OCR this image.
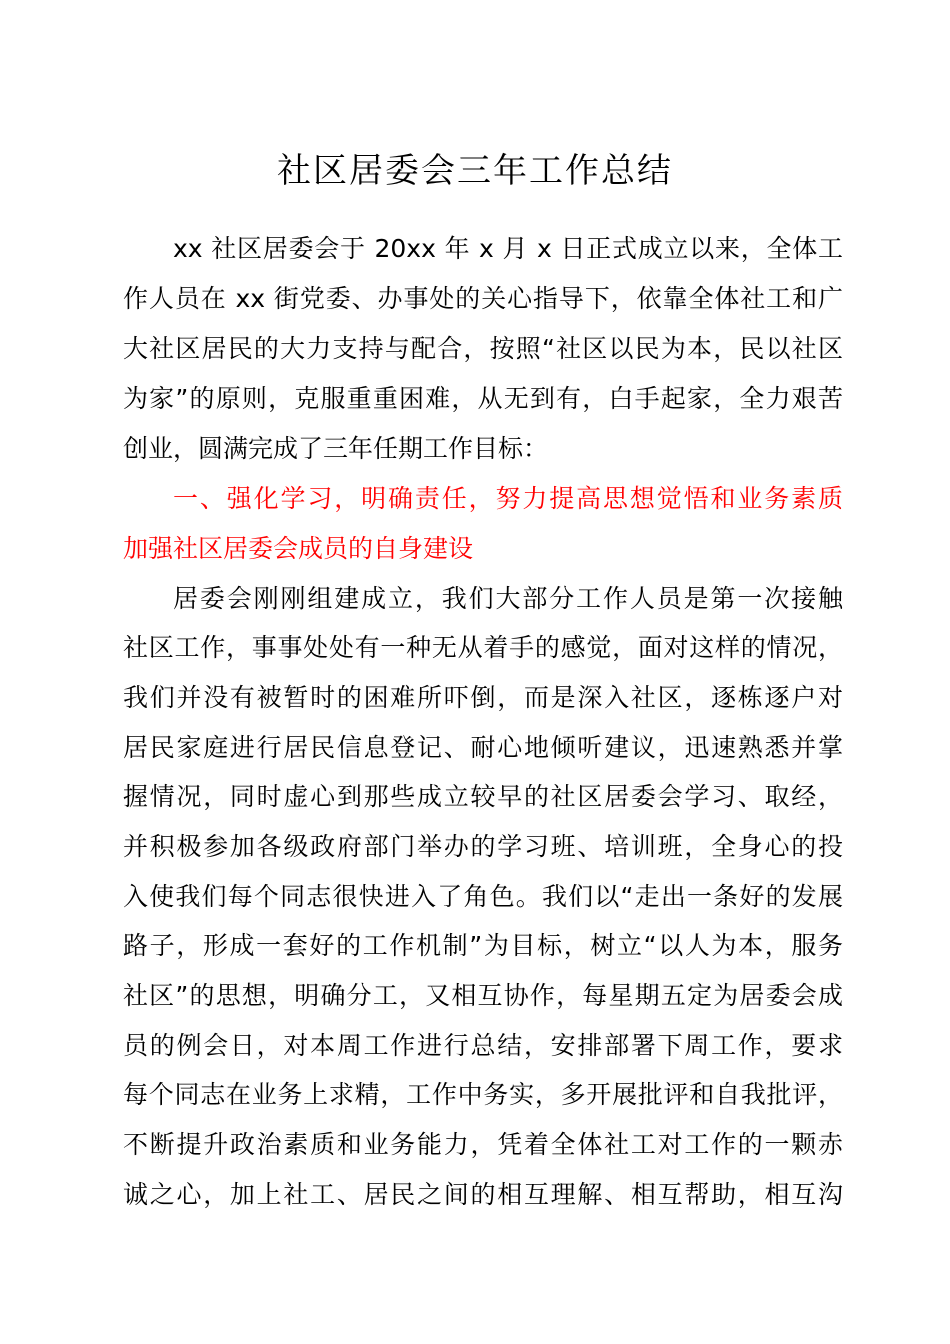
社区居委会三年工作总结
xx 社区居委会于 20xx 年 x 月 x 日正式成立以来，全体工
作人员在 xx 街党委、办事处的关心指导下，依靠全体社工和广
大社区居民的大力支持与配合，按照“社区以民为本，民以社区
为家”的原则，克服重重困难，从无到有，白手起家，全力艰苦
创业，圆满完成了三年任期工作目标：
一、强化学习，明确责任，努力提高思想觉悟和业务素质
加强社区居委会成员的自身建设
居委会刚刚组建成立，我们大部分工作人员是第一次接触
社区工作，事事处处有一种无从着手的感觉，面对这样的情况，
我们并没有被暂时的困难所吓倒，而是深入社区，逐栋逐户对
居民家庭进行居民信息登记、耐心地倾听建议，迅速熟悉并掌
握情况，同时虚心到那些成立较早的社区居委会学习、取经，
并积极参加各级政府部门举办的学习班、培训班，全身心的投
入使我们每个同志很快进入了角色。我们以“走出一条好的发展
路子，形成一套好的工作机制”为目标，树立“以人为本，服务
社区”的思想，明确分工，又相互协作，每星期五定为居委会成
员的例会日，对本周工作进行总结，安排部署下周工作，要求
每个同志在业务上求精，工作中务实，多开展批评和自我批评，
不断提升政治素质和业务能力，凭着全体社工对工作的一颗赤
诚之心，加上社工、居民之间的相互理解、相互帮助，相互沟
